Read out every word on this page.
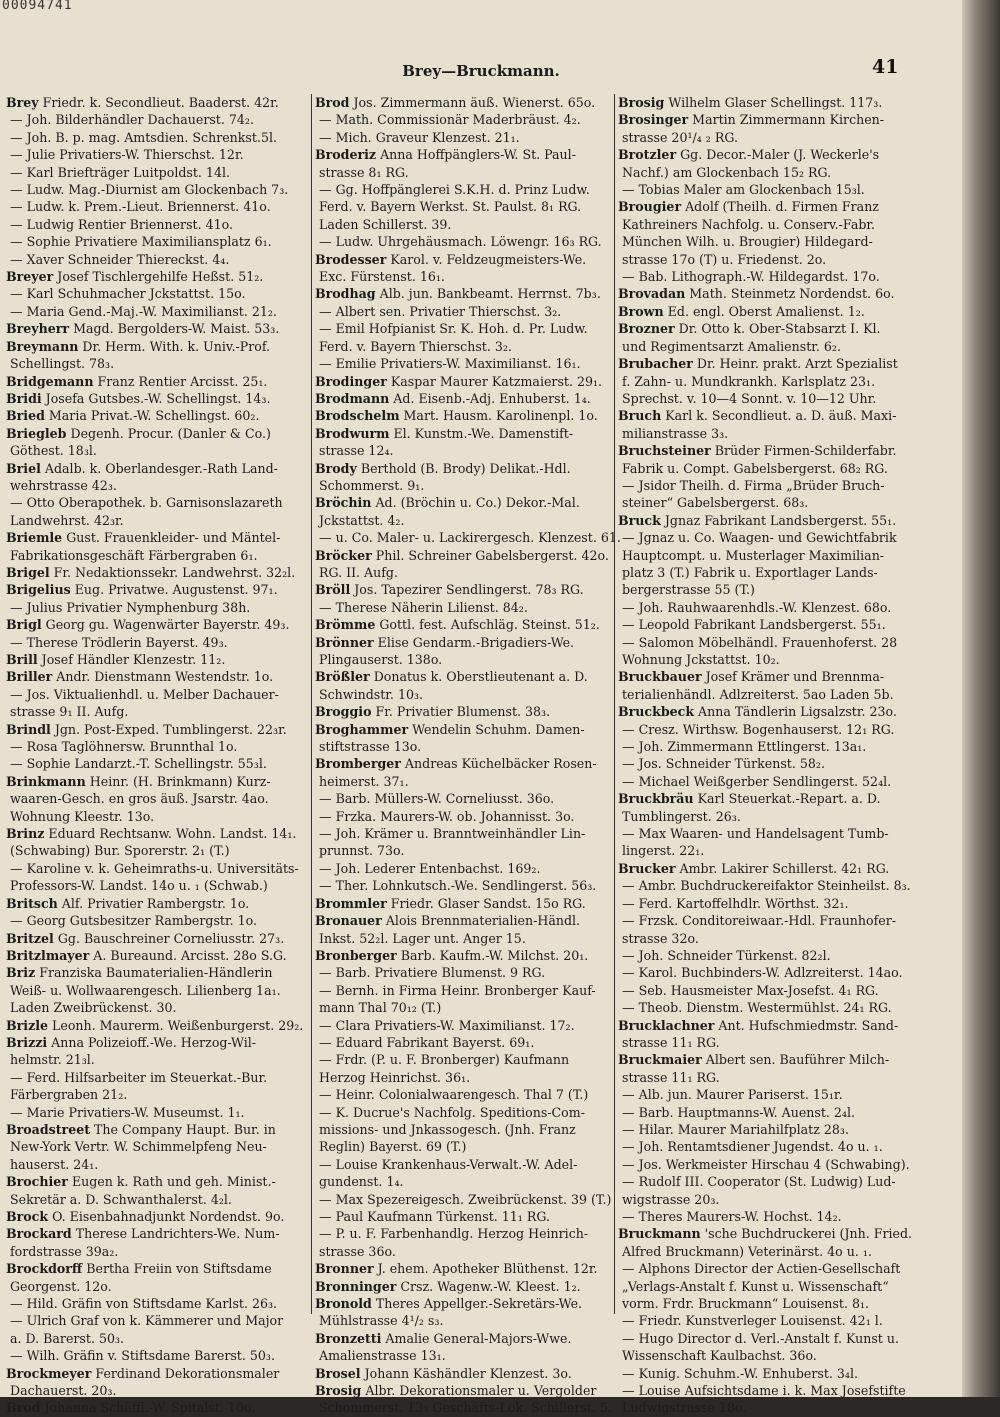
00094741
Brey—Bruckmann.	41
Brey Friedr. k. Secondlieut. Baaderst. 42r.
— Joh. Bilderhändler Dachauerst. 74₂.
— Joh. B. p. mag. Amtsdien. Schrenkst.5l.
— Julie Privatiers-W. Thierschst. 12r.
— Karl Briefträger Luitpoldst. 14l.
— Ludw. Mag.-Diurnist am Glockenbach 7₃.
— Ludw. k. Prem.-Lieut. Briennerst. 41o.
— Ludwig Rentier Briennerst. 41o.
— Sophie Privatiere Maximiliansplatz 6₁.
— Xaver Schneider Thiereckst. 4₄.
Breyer Josef Tischlergehilfe Heßst. 51₂.
— Karl Schuhmacher Jckstattst. 15o.
— Maria Gend.-Maj.-W. Maximilianst. 21₂.
Breyherr Magd. Bergolders-W. Maist. 53₃.
Breymann Dr. Herm. With. k. Univ.-Prof.
Schellingst. 78₃.
Bridgemann Franz Rentier Arcisst. 25₁.
Bridi Josefa Gutsbes.-W. Schellingst. 14₃.
Bried Maria Privat.-W. Schellingst. 60₂.
Briegleb Degenh. Procur. (Danler & Co.)
Göthest. 18₃l.
Briel Adalb. k. Oberlandesger.-Rath Land-
wehrstrasse 42₃.
— Otto Oberapothek. b. Garnisonslazareth
Landwehrst. 42₃r.
Briemle Gust. Frauenkleider- und Mäntel-
Fabrikationsgeschäft Färbergraben 6₁.
Brigel Fr. Nedaktionssekr. Landwehrst. 32₂l.
Brigelius Eug. Privatwe. Augustenst. 97₁.
— Julius Privatier Nymphenburg 38h.
Brigl Georg gu. Wagenwärter Bayerstr. 49₃.
— Therese Trödlerin Bayerst. 49₃.
Brill Josef Händler Klenzestr. 11₂.
Briller Andr. Dienstmann Westendstr. 1o.
— Jos. Viktualienhdl. u. Melber Dachauer-
strasse 9₁ II. Aufg.
Brindl Jgn. Post-Exped. Tumblingerst. 22₃r.
— Rosa Taglöhnersw. Brunnthal 1o.
— Sophie Landarzt.-T. Schellingstr. 55₃l.
Brinkmann Heinr. (H. Brinkmann) Kurz-
waaren-Gesch. en gros äuß. Jsarstr. 4ao.
Wohnung Kleestr. 13o.
Brinz Eduard Rechtsanw. Wohn. Landst. 14₁.
(Schwabing) Bur. Sporerstr. 2₁ (T.)
— Karoline v. k. Geheimraths-u. Universitäts-
Professors-W. Landst. 14o u. ₁ (Schwab.)
Britsch Alf. Privatier Rambergstr. 1o.
— Georg Gutsbesitzer Rambergstr. 1o.
Britzel Gg. Bauschreiner Corneliusstr. 27₃.
Britzlmayer A. Bureaund. Arcisst. 28o S.G.
Briz Franziska Baumaterialien-Händlerin
Weiß- u. Wollwaarengesch. Lilienberg 1a₁.
Laden Zweibrückenst. 30.
Brizle Leonh. Maurerm. Weißenburgerst. 29₂.
Brizzi Anna Polizeioff.-We. Herzog-Wil-
helmstr. 21₃l.
— Ferd. Hilfsarbeiter im Steuerkat.-Bur.
Färbergraben 21₂.
— Marie Privatiers-W. Museumst. 1₁.
Broadstreet The Company Haupt. Bur. in
New-York Vertr. W. Schimmelpfeng Neu-
hauserst. 24₁.
Brochier Eugen k. Rath und geh. Minist.-
Sekretär a. D. Schwanthalerst. 4₂l.
Brock O. Eisenbahnadjunkt Nordendst. 9o.
Brockard Therese Landrichters-We. Num-
fordstrasse 39a₂.
Brockdorff Bertha Freiin von Stiftsdame
Georgenst. 12o.
— Hild. Gräfin von Stiftsdame Karlst. 26₃.
— Ulrich Graf von k. Kämmerer und Major
a. D. Barerst. 50₃.
— Wilh. Gräfin v. Stiftsdame Barerst. 50₃.
Brockmeyer Ferdinand Dekorationsmaler
Dachauerst. 20₃.
Brod Johanna Schäffl.-W. Spitalst. 10o.
Brod Jos. Zimmermann äuß. Wienerst. 65o.
— Math. Commissionär Maderbräust. 4₂.
— Mich. Graveur Klenzest. 21₁.
Broderiz Anna Hoffpänglers-W. St. Paul-
strasse 8₁ RG.
— Gg. Hoffpänglerei S.K.H. d. Prinz Ludw.
Ferd. v. Bayern Werkst. St. Paulst. 8₁ RG.
Laden Schillerst. 39.
— Ludw. Uhrgehäusmach. Löwengr. 16₃ RG.
Brodesser Karol. v. Feldzeugmeisters-We.
Exc. Fürstenst. 16₁.
Brodhag Alb. jun. Bankbeamt. Herrnst. 7b₃.
— Albert sen. Privatier Thierschst. 3₂.
— Emil Hofpianist Sr. K. Hoh. d. Pr. Ludw.
Ferd. v. Bayern Thierschst. 3₂.
— Emilie Privatiers-W. Maximilianst. 16₁.
Brodinger Kaspar Maurer Katzmaierst. 29₁.
Brodmann Ad. Eisenb.-Adj. Enhuberst. 1₄.
Brodschelm Mart. Hausm. Karolinenpl. 1o.
Brodwurm El. Kunstm.-We. Damenstift-
strasse 12₄.
Brody Berthold (B. Brody) Delikat.-Hdl.
Schommerst. 9₁.
Bröchin Ad. (Bröchin u. Co.) Dekor.-Mal.
Jckstattst. 4₂.
— u. Co. Maler- u. Lackirergesch. Klenzest. 61.
Bröcker Phil. Schreiner Gabelsbergerst. 42o.
RG. II. Aufg.
Bröll Jos. Tapezirer Sendlingerst. 78₃ RG.
— Therese Näherin Lilienst. 84₂.
Brömme Gottl. fest. Aufschläg. Steinst. 51₂.
Brönner Elise Gendarm.-Brigadiers-We.
Plingauserst. 138o.
Brößler Donatus k. Oberstlieutenant a. D.
Schwindstr. 10₃.
Broggio Fr. Privatier Blumenst. 38₃.
Broghammer Wendelin Schuhm. Damen-
stiftstrasse 13o.
Bromberger Andreas Küchelbäcker Rosen-
heimerst. 37₁.
— Barb. Müllers-W. Corneliusst. 36o.
— Frzka. Maurers-W. ob. Johannisst. 3o.
— Joh. Krämer u. Branntweinhändler Lin-
prunnst. 73o.
— Joh. Lederer Entenbachst. 169₂.
— Ther. Lohnkutsch.-We. Sendlingerst. 56₃.
Brommler Friedr. Glaser Sandst. 15o RG.
Bronauer Alois Brennmaterialien-Händl.
Inkst. 52₂l. Lager unt. Anger 15.
Bronberger Barb. Kaufm.-W. Milchst. 20₁.
— Barb. Privatiere Blumenst. 9 RG.
— Bernh. in Firma Heinr. Bronberger Kauf-
mann Thal 70₁₂ (T.)
— Clara Privatiers-W. Maximilianst. 17₂.
— Eduard Fabrikant Bayerst. 69₁.
— Frdr. (P. u. F. Bronberger) Kaufmann
Herzog Heinrichst. 36₁.
— Heinr. Colonialwaarengesch. Thal 7 (T.)
— K. Ducrue's Nachfolg. Speditions-Com-
missions- und Jnkassogesch. (Jnh. Franz
Reglin) Bayerst. 69 (T.)
— Louise Krankenhaus-Verwalt.-W. Adel-
gundenst. 1₄.
— Max Spezereigesch. Zweibrückenst. 39 (T.)
— Paul Kaufmann Türkenst. 11₁ RG.
— P. u. F. Farbenhandlg. Herzog Heinrich-
strasse 36o.
Bronner J. ehem. Apotheker Blüthenst. 12r.
Bronninger Crsz. Wagenw.-W. Kleest. 1₂.
Bronold Theres Appellger.-Sekretärs-We.
Mühlstrasse 4¹/₂ s₃.
Bronzetti Amalie General-Majors-Wwe.
Amalienstrasse 13₁.
Brosel Johann Käshändler Klenzest. 3o.
Brosig Albr. Dekorationsmaler u. Vergolder
Schommerst. 13₃ Geschäfts-Lok. Schillerst. 5.
Brosig Wilhelm Glaser Schellingst. 117₃.
Brosinger Martin Zimmermann Kirchen-
strasse 20¹/₄ ₂ RG.
Brotzler Gg. Decor.-Maler (J. Weckerle's
Nachf.) am Glockenbach 15₂ RG.
— Tobias Maler am Glockenbach 15₃l.
Brougier Adolf (Theilh. d. Firmen Franz
Kathreiners Nachfolg. u. Conserv.-Fabr.
München Wilh. u. Brougier) Hildegard-
strasse 17o (T) u. Friedenst. 2o.
— Bab. Lithograph.-W. Hildegardst. 17o.
Brovadan Math. Steinmetz Nordendst. 6o.
Brown Ed. engl. Oberst Amalienst. 1₂.
Brozner Dr. Otto k. Ober-Stabsarzt I. Kl.
und Regimentsarzt Amalienstr. 6₂.
Brubacher Dr. Heinr. prakt. Arzt Spezialist
f. Zahn- u. Mundkrankh. Karlsplatz 23₁.
Sprechst. v. 10—4 Sonnt. v. 10—12 Uhr.
Bruch Karl k. Secondlieut. a. D. äuß. Maxi-
milianstrasse 3₃.
Bruchsteiner Brüder Firmen-Schilderfabr.
Fabrik u. Compt. Gabelsbergerst. 68₂ RG.
— Jsidor Theilh. d. Firma „Brüder Bruch-
steiner“ Gabelsbergerst. 68₃.
Bruck Jgnaz Fabrikant Landsbergerst. 55₁.
— Jgnaz u. Co. Waagen- und Gewichtfabrik
Hauptcompt. u. Musterlager Maximilian-
platz 3 (T.) Fabrik u. Exportlager Lands-
bergerstrasse 55 (T.)
— Joh. Rauhwaarenhdls.-W. Klenzest. 68o.
— Leopold Fabrikant Landsbergerst. 55₁.
— Salomon Möbelhändl. Frauenhoferst. 28
Wohnung Jckstattst. 10₂.
Bruckbauer Josef Krämer und Brennma-
terialienhändl. Adlzreiterst. 5ao Laden 5b.
Bruckbeck Anna Tändlerin Ligsalzstr. 23o.
— Cresz. Wirthsw. Bogenhauserst. 12₁ RG.
— Joh. Zimmermann Ettlingerst. 13a₁.
— Jos. Schneider Türkenst. 58₂.
— Michael Weißgerber Sendlingerst. 52₄l.
Bruckbräu Karl Steuerkat.-Repart. a. D.
Tumblingerst. 26₃.
— Max Waaren- und Handelsagent Tumb-
lingerst. 22₁.
Brucker Ambr. Lakirer Schillerst. 42₁ RG.
— Ambr. Buchdruckereifaktor Steinheilst. 8₃.
— Ferd. Kartoffelhdlr. Wörthst. 32₁.
— Frzsk. Conditoreiwaar.-Hdl. Fraunhofer-
strasse 32o.
— Joh. Schneider Türkenst. 82₂l.
— Karol. Buchbinders-W. Adlzreiterst. 14ao.
— Seb. Hausmeister Max-Josefst. 4₁ RG.
— Theob. Dienstm. Westermühlst. 24₁ RG.
Brucklachner Ant. Hufschmiedmstr. Sand-
strasse 11₁ RG.
Bruckmaier Albert sen. Bauführer Milch-
strasse 11₁ RG.
— Alb. jun. Maurer Pariserst. 15₁r.
— Barb. Hauptmanns-W. Auenst. 2₄l.
— Hilar. Maurer Mariahilfplatz 28₃.
— Joh. Rentamtsdiener Jugendst. 4o u. ₁.
— Jos. Werkmeister Hirschau 4 (Schwabing).
— Rudolf III. Cooperator (St. Ludwig) Lud-
wigstrasse 20₃.
— Theres Maurers-W. Hochst. 14₂.
Bruckmann 'sche Buchdruckerei (Jnh. Fried.
Alfred Bruckmann) Veterinärst. 4o u. ₁.
— Alphons Director der Actien-Gesellschaft
„Verlags-Anstalt f. Kunst u. Wissenschaft“
vorm. Frdr. Bruckmann“ Louisenst. 8₁.
— Friedr. Kunstverleger Louisenst. 42₁ l.
— Hugo Director d. Verl.-Anstalt f. Kunst u.
Wissenschaft Kaulbachst. 36o.
— Kunig. Schuhm.-W. Enhuberst. 3₄l.
— Louise Aufsichtsdame i. k. Max Josefstifte
Ludwigstrasse 18o.
